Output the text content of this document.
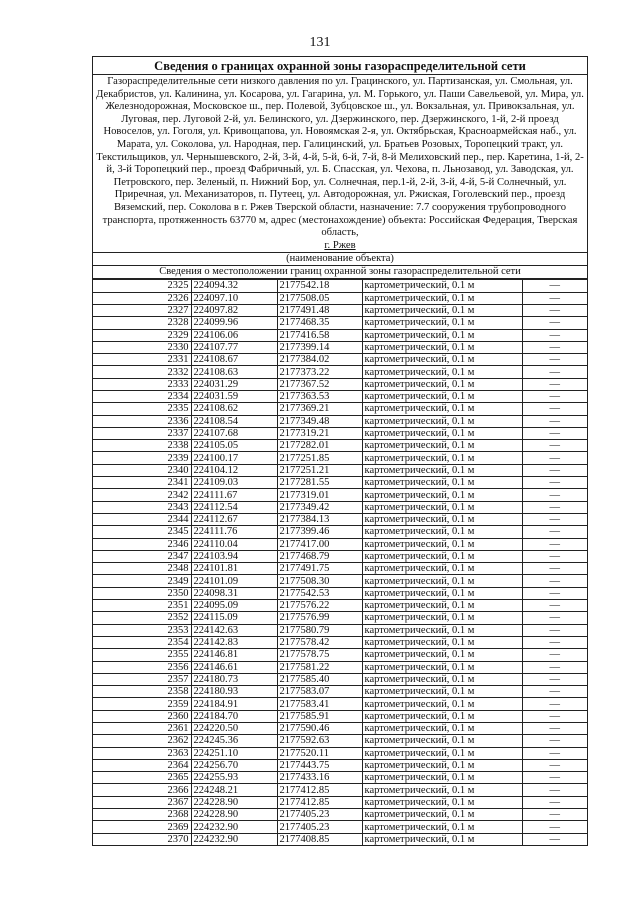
131
Сведения о границах охранной зоны газораспределительной сети
Газораспределительные сети низкого давления по ул. Грацинского, ул. Партизанская, ул. Смольная, ул. Декабристов, ул. Калинина, ул. Косарова, ул. Гагарина, ул. М. Горького, ул. Паши Савельевой, ул. Мира, ул. Железнодорожная, Московское ш., пер. Полевой, Зубцовское ш., ул. Вокзальная, ул. Привокзальная, ул. Луговая, пер. Луговой 2-й, ул. Белинского, ул. Дзержинского, пер. Дзержинского, 1-й, 2-й проезд Новоселов, ул. Гоголя, ул. Кривощапова, ул. Новоямская 2-я, ул. Октябрьская, Красноармейская наб., ул. Марата, ул. Соколова, ул. Народная, пер. Галицинский, ул. Братьев Розовых, Торопецкий тракт, ул. Текстильщиков, ул. Чернышевского, 2-й, 3-й, 4-й, 5-й, 6-й, 7-й, 8-й Мелиховский пер., пер. Каретина, 1-й, 2-й, 3-й Торопецкий пер., проезд Фабричный, ул. Б. Спасская, ул. Чехова, п. Льнозавод, ул. Заводская, ул. Петровского, пер. Зеленый, п. Нижний Бор, ул. Солнечная, пер.1-й, 2-й, 3-й, 4-й, 5-й Солнечный, ул. Приречная, ул. Механизаторов, п. Путеец, ул. Автодорожная, ул. Ржиская, Гоголевский пер., проезд Вяземский, пер. Соколова в г. Ржев Тверской области, назначение: 7.7 сооружения трубопроводного транспорта, протяженность 63770 м, адрес (местонахождение) объекта: Российская Федерация, Тверская область,
г. Ржев
(наименование объекта)
Сведения о местоположении границ охранной зоны газораспределительной сети
2325	224094.32	2177542.18	картометрический, 0.1 м	—
2326	224097.10	2177508.05	картометрический, 0.1 м	—
2327	224097.82	2177491.48	картометрический, 0.1 м	—
2328	224099.96	2177468.35	картометрический, 0.1 м	—
2329	224106.06	2177416.58	картометрический, 0.1 м	—
2330	224107.77	2177399.14	картометрический, 0.1 м	—
2331	224108.67	2177384.02	картометрический, 0.1 м	—
2332	224108.63	2177373.22	картометрический, 0.1 м	—
2333	224031.29	2177367.52	картометрический, 0.1 м	—
2334	224031.59	2177363.53	картометрический, 0.1 м	—
2335	224108.62	2177369.21	картометрический, 0.1 м	—
2336	224108.54	2177349.48	картометрический, 0.1 м	—
2337	224107.68	2177319.21	картометрический, 0.1 м	—
2338	224105.05	2177282.01	картометрический, 0.1 м	—
2339	224100.17	2177251.85	картометрический, 0.1 м	—
2340	224104.12	2177251.21	картометрический, 0.1 м	—
2341	224109.03	2177281.55	картометрический, 0.1 м	—
2342	224111.67	2177319.01	картометрический, 0.1 м	—
2343	224112.54	2177349.42	картометрический, 0.1 м	—
2344	224112.67	2177384.13	картометрический, 0.1 м	—
2345	224111.76	2177399.46	картометрический, 0.1 м	—
2346	224110.04	2177417.00	картометрический, 0.1 м	—
2347	224103.94	2177468.79	картометрический, 0.1 м	—
2348	224101.81	2177491.75	картометрический, 0.1 м	—
2349	224101.09	2177508.30	картометрический, 0.1 м	—
2350	224098.31	2177542.53	картометрический, 0.1 м	—
2351	224095.09	2177576.22	картометрический, 0.1 м	—
2352	224115.09	2177576.99	картометрический, 0.1 м	—
2353	224142.63	2177580.79	картометрический, 0.1 м	—
2354	224142.83	2177578.42	картометрический, 0.1 м	—
2355	224146.81	2177578.75	картометрический, 0.1 м	—
2356	224146.61	2177581.22	картометрический, 0.1 м	—
2357	224180.73	2177585.40	картометрический, 0.1 м	—
2358	224180.93	2177583.07	картометрический, 0.1 м	—
2359	224184.91	2177583.41	картометрический, 0.1 м	—
2360	224184.70	2177585.91	картометрический, 0.1 м	—
2361	224220.50	2177590.46	картометрический, 0.1 м	—
2362	224245.36	2177592.63	картометрический, 0.1 м	—
2363	224251.10	2177520.11	картометрический, 0.1 м	—
2364	224256.70	2177443.75	картометрический, 0.1 м	—
2365	224255.93	2177433.16	картометрический, 0.1 м	—
2366	224248.21	2177412.85	картометрический, 0.1 м	—
2367	224228.90	2177412.85	картометрический, 0.1 м	—
2368	224228.90	2177405.23	картометрический, 0.1 м	—
2369	224232.90	2177405.23	картометрический, 0.1 м	—
2370	224232.90	2177408.85	картометрический, 0.1 м	—
